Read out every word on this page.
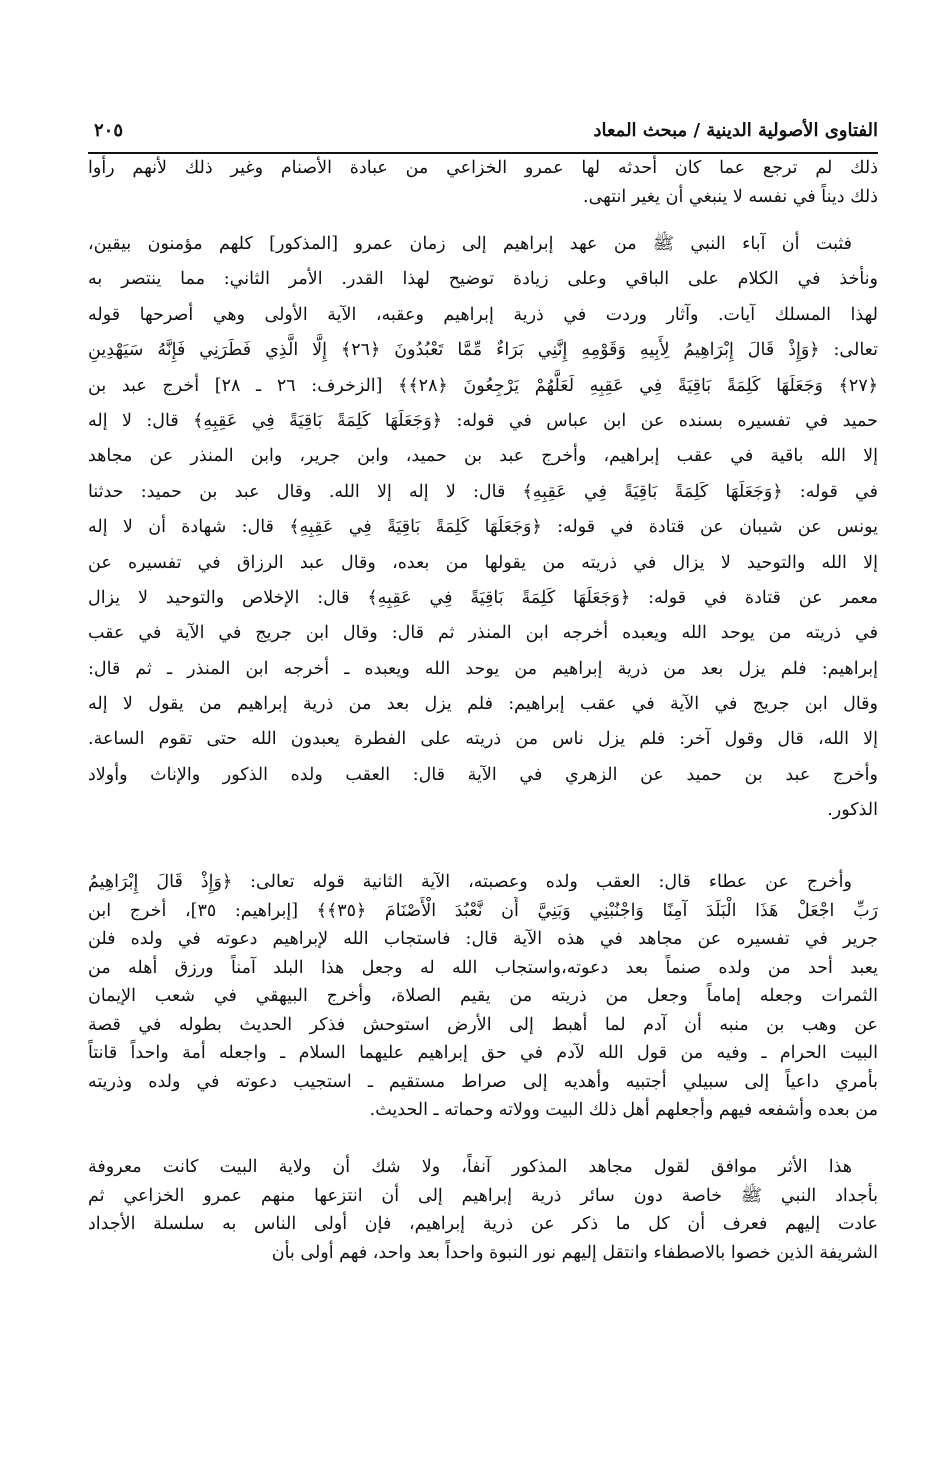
الفتاوى الأصولية الدينية / مبحث المعاد
٢٠٥
ذلك لم ترجع عما كان أحدثه لها عمرو الخزاعي من عبادة الأصنام وغير ذلك لأنهم رأوا
ذلك ديناً في نفسه لا ينبغي أن يغير انتهى.
فثبت أن آباء النبي ﷺ من عهد إبراهيم إلى زمان عمرو [المذكور] كلهم مؤمنون بيقين،
ونأخذ في الكلام على الباقي وعلى زيادة توضيح لهذا القدر. الأمر الثاني: مما ينتصر به
لهذا المسلك آيات. وآثار وردت في ذرية إبراهيم وعقبه، الآية الأولى وهي أصرحها قوله
تعالى: ﴿وَإِذْ قَالَ إِبْرَاهِيمُ لِأَبِيهِ وَقَوْمِهِ إِنَّنِي بَرَاءٌ مِّمَّا تَعْبُدُونَ ﴿٢٦﴾ إِلَّا الَّذِي فَطَرَنِي فَإِنَّهُ سَيَهْدِينِ
﴿٢٧﴾ وَجَعَلَهَا كَلِمَةً بَاقِيَةً فِي عَقِبِهِ لَعَلَّهُمْ يَرْجِعُونَ ﴿٢٨﴾﴾ [الزخرف: ٢٦ ـ ٢٨] أخرج عبد بن
حميد في تفسيره بسنده عن ابن عباس في قوله: ﴿وَجَعَلَهَا كَلِمَةً بَاقِيَةً فِي عَقِبِهِ﴾ قال: لا إله
إلا الله باقية في عقب إبراهيم، وأخرج عبد بن حميد، وابن جرير، وابن المنذر عن مجاهد
في قوله: ﴿وَجَعَلَهَا كَلِمَةً بَاقِيَةً فِي عَقِبِهِ﴾ قال: لا إله إلا الله. وقال عبد بن حميد: حدثنا
يونس عن شيبان عن قتادة في قوله: ﴿وَجَعَلَهَا كَلِمَةً بَاقِيَةً فِي عَقِبِهِ﴾ قال: شهادة أن لا إله
إلا الله والتوحيد لا يزال في ذريته من يقولها من بعده، وقال عبد الرزاق في تفسيره عن
معمر عن قتادة في قوله: ﴿وَجَعَلَهَا كَلِمَةً بَاقِيَةً فِي عَقِبِهِ﴾ قال: الإخلاص والتوحيد لا يزال
في ذريته من يوحد الله ويعبده أخرجه ابن المنذر ثم قال: وقال ابن جريج في الآية في عقب
إبراهيم: فلم يزل بعد من ذرية إبراهيم من يوحد الله ويعبده ـ أخرجه ابن المنذر ـ ثم قال:
وقال ابن جريج في الآية في عقب إبراهيم: فلم يزل بعد من ذرية إبراهيم من يقول لا إله
إلا الله، قال وقول آخر: فلم يزل ناس من ذريته على الفطرة يعبدون الله حتى تقوم الساعة.
وأخرج عبد بن حميد عن الزهري في الآية قال: العقب ولده الذكور والإناث وأولاد
الذكور.
وأخرج عن عطاء قال: العقب ولده وعصبته، الآية الثانية قوله تعالى: ﴿وَإِذْ قَالَ إِبْرَاهِيمُ
رَبِّ اجْعَلْ هَذَا الْبَلَدَ آمِنًا وَاجْنُبْنِي وَبَنِيَّ أَن نَّعْبُدَ الْأَصْنَامَ ﴿٣٥﴾﴾ [إبراهيم: ٣٥]، أخرج ابن
جرير في تفسيره عن مجاهد في هذه الآية قال: فاستجاب الله لإبراهيم دعوته في ولده فلن
يعبد أحد من ولده صنماً بعد دعوته،واستجاب الله له وجعل هذا البلد آمناً ورزق أهله من
الثمرات وجعله إماماً وجعل من ذريته من يقيم الصلاة، وأخرج البيهقي في شعب الإيمان
عن وهب بن منبه أن آدم لما أهبط إلى الأرض استوحش فذكر الحديث بطوله في قصة
البيت الحرام ـ وفيه من قول الله لآدم في حق إبراهيم عليهما السلام ـ واجعله أمة واحداً قانتاً
بأمري داعياً إلى سبيلي أجتبيه وأهديه إلى صراط مستقيم ـ استجيب دعوته في ولده وذريته
من بعده وأشفعه فيهم وأجعلهم أهل ذلك البيت وولاته وحماته ـ الحديث.
هذا الأثر موافق لقول مجاهد المذكور آنفاً، ولا شك أن ولاية البيت كانت معروفة
بأجداد النبي ﷺ خاصة دون سائر ذرية إبراهيم إلى أن انتزعها منهم عمرو الخزاعي ثم
عادت إليهم فعرف أن كل ما ذكر عن ذرية إبراهيم، فإن أولى الناس به سلسلة الأجداد
الشريفة الذين خصوا بالاصطفاء وانتقل إليهم نور النبوة واحداً بعد واحد، فهم أولى بأن
